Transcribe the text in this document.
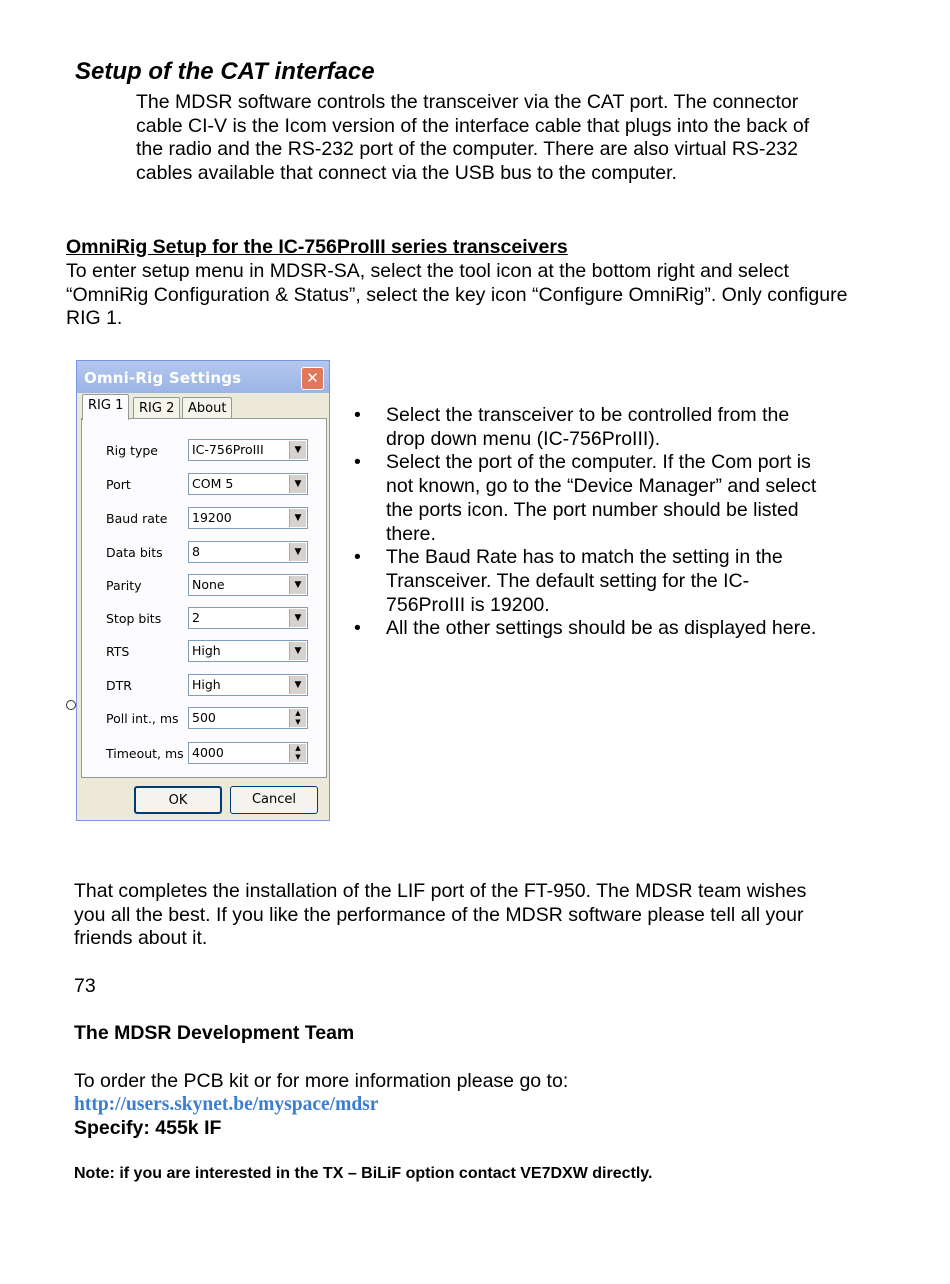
Setup of the CAT interface
The MDSR software controls the transceiver via the CAT port. The connector cable CI-V is the Icom version of the interface cable that plugs into the back of the radio and the RS-232 port of the computer. There are also virtual RS-232 cables available that connect via the USB bus to the computer.
OmniRig Setup for the IC-756ProIII series transceivers
To enter setup menu in MDSR-SA, select the tool icon at the bottom right and select “OmniRig Configuration & Status”, select the key icon “Configure OmniRig”. Only configure RIG 1.
Omni-Rig Settings	✕
RIG 1	RIG 2	About
Rig type	IC-756ProIII	▼
Port	COM 5	▼
Baud rate	19200	▼
Data bits	8	▼
Parity	None	▼
Stop bits	2	▼
RTS	High	▼
DTR	High	▼
Poll int., ms	500	▲
▼
Timeout, ms 4000	▲
▼
OK	Cancel
• Select the transceiver to be controlled from the drop down menu (IC-756ProIII).
• Select the port of the computer. If the Com port is not known, go to the “Device Manager” and select the ports icon. The port number should be listed there.
• The Baud Rate has to match the setting in the Transceiver. The default setting for the IC-756ProIII is 19200.
• All the other settings should be as displayed here.
That completes the installation of the LIF port of the FT-950. The MDSR team wishes you all the best. If you like the performance of the MDSR software please tell all your friends about it.
73
The MDSR Development Team
To order the PCB kit or for more information please go to:
http://users.skynet.be/myspace/mdsr
Specify: 455k IF
Note: if you are interested in the TX – BiLiF option contact VE7DXW directly.
